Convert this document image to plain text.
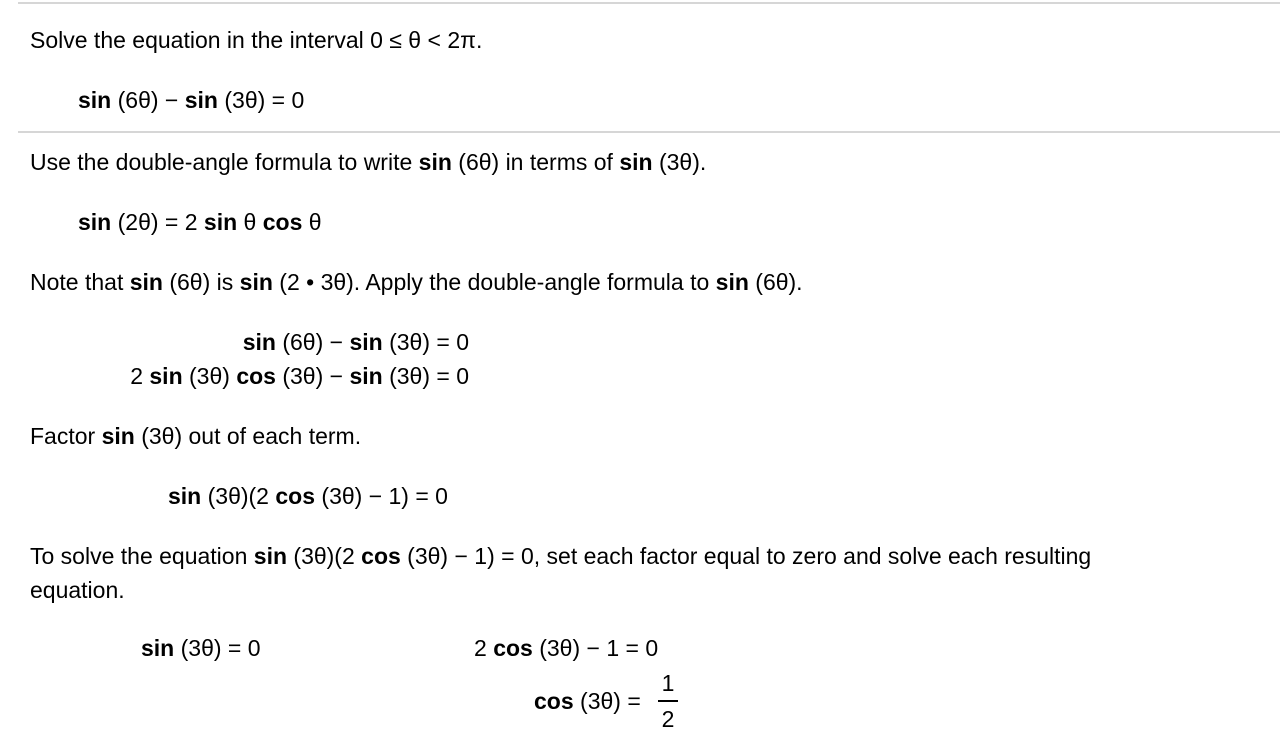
Solve the equation in the interval 0 ≤ θ < 2π.
sin (6θ) − sin (3θ) = 0
Use the double-angle formula to write sin (6θ) in terms of sin (3θ).
sin (2θ) = 2 sin θ cos θ
Note that sin (6θ) is sin (2 • 3θ). Apply the double-angle formula to sin (6θ).
sin (6θ) − sin (3θ) = 0
2 sin (3θ) cos (3θ) − sin (3θ) = 0
Factor sin (3θ) out of each term.
sin (3θ)(2 cos (3θ) − 1) = 0
To solve the equation sin (3θ)(2 cos (3θ) − 1) = 0, set each factor equal to zero and solve each resulting
equation.
sin (3θ) = 0	2 cos (3θ) − 1 = 0
cos (3θ) =
1
2
